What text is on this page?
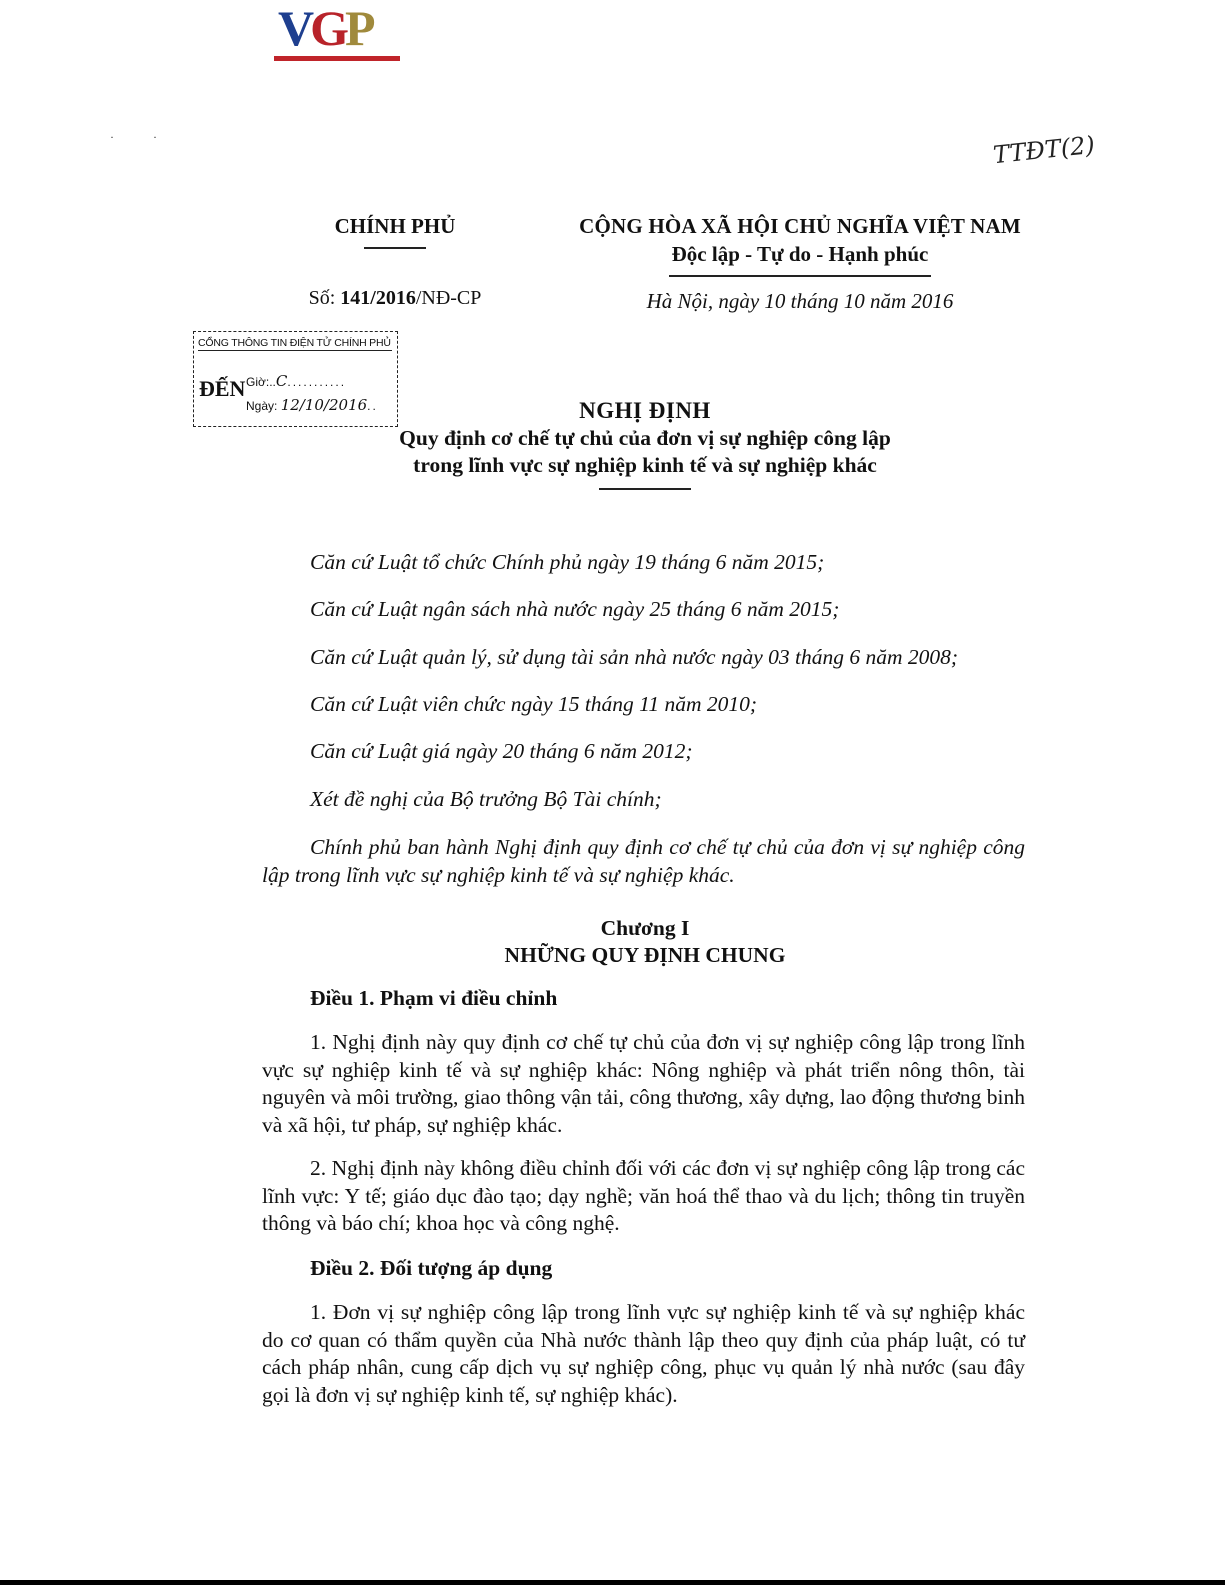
VGP
· ·	TTĐT(2)
CHÍNH PHỦ
Số: 141/2016/NĐ-CP
CỘNG HÒA XÃ HỘI CHỦ NGHĨA VIỆT NAM
Độc lập - Tự do - Hạnh phúc
Hà Nội, ngày 10 tháng 10 năm 2016
CỔNG THÔNG TIN ĐIỆN TỬ CHÍNH PHỦ
ĐẾN Giờ:..C...........
Ngày: 12/10/2016..	NGHỊ ĐỊNH
Quy định cơ chế tự chủ của đơn vị sự nghiệp công lập
trong lĩnh vực sự nghiệp kinh tế và sự nghiệp khác
Căn cứ Luật tổ chức Chính phủ ngày 19 tháng 6 năm 2015;
Căn cứ Luật ngân sách nhà nước ngày 25 tháng 6 năm 2015;
Căn cứ Luật quản lý, sử dụng tài sản nhà nước ngày 03 tháng 6 năm 2008;
Căn cứ Luật viên chức ngày 15 tháng 11 năm 2010;
Căn cứ Luật giá ngày 20 tháng 6 năm 2012;
Xét đề nghị của Bộ trưởng Bộ Tài chính;
Chính phủ ban hành Nghị định quy định cơ chế tự chủ của đơn vị sự nghiệp công lập trong lĩnh vực sự nghiệp kinh tế và sự nghiệp khác.
Chương I
NHỮNG QUY ĐỊNH CHUNG
Điều 1. Phạm vi điều chỉnh
1. Nghị định này quy định cơ chế tự chủ của đơn vị sự nghiệp công lập trong lĩnh vực sự nghiệp kinh tế và sự nghiệp khác: Nông nghiệp và phát triển nông thôn, tài nguyên và môi trường, giao thông vận tải, công thương, xây dựng, lao động thương binh và xã hội, tư pháp, sự nghiệp khác.
2. Nghị định này không điều chỉnh đối với các đơn vị sự nghiệp công lập trong các lĩnh vực: Y tế; giáo dục đào tạo; dạy nghề; văn hoá thể thao và du lịch; thông tin truyền thông và báo chí; khoa học và công nghệ.
Điều 2. Đối tượng áp dụng
1. Đơn vị sự nghiệp công lập trong lĩnh vực sự nghiệp kinh tế và sự nghiệp khác do cơ quan có thẩm quyền của Nhà nước thành lập theo quy định của pháp luật, có tư cách pháp nhân, cung cấp dịch vụ sự nghiệp công, phục vụ quản lý nhà nước (sau đây gọi là đơn vị sự nghiệp kinh tế, sự nghiệp khác).
